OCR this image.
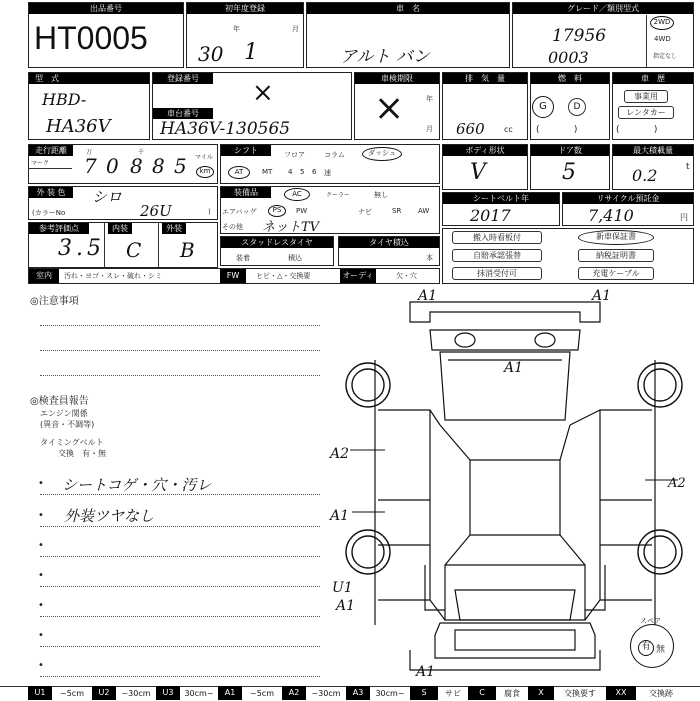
出品番号
HT0005
初年度登録
年	月
30 1
車　名
アルト バン
グレード／類別型式
17956
0003
2WD
4WD
指定なし
型　式
HBD-
HA36V
登録番号	×
車台番号
HA36V-130565
車検期限
年
月
×
排　気　量
660 cc
燃　料
G	D
(            )
車　歴
事業用
レンタカー
(            )
走行距離
マーク
万	千
マイル
km
7 0 8 8 5
シフト	フロア	コラム	ダッシュ
AT	MT 4 5 6 速
ボディ形状
V
ドア数
5
最大積載量
0.2	t
外 装 色	シロ
(カラーNo	26U	)
装備品	AC	クーラー	無し
エアバッグ	PS	PW	ナビ	SR AW
その他 ネットTV
シートベルト年
2017
リサイクル預託金
7,410	円
参考評価点	内装	外装
3.5 C B	スタッドレスタイヤ
装着	積込
タイヤ積込
本
搬入時看板付
自賠承認張替
抹消受付可
新車保証書
納税証明書
充電ケーブル
室内	汚れ・ヨゴ・スレ・破れ・シミ	FW	ヒビ・△・交換要	オーディオ
欠・穴
◎注意事項
◎検査員報告
エンジン関係
(異音・不調等)
タイミングベルト
交換　有・無
• シートコゲ・穴・汚レ
• 外装ツヤなし
•
•
•
•
•
A1	A1
A1
A2
A2
A1
U1
A1
A1
スペア
有 無
U1	~5cm	U2	~30cm	U3	30cm~	A1	~5cm	A2	~30cm	A3	30cm~	S	サビ	C	腐食	X	交換要す	XX	交換跡
